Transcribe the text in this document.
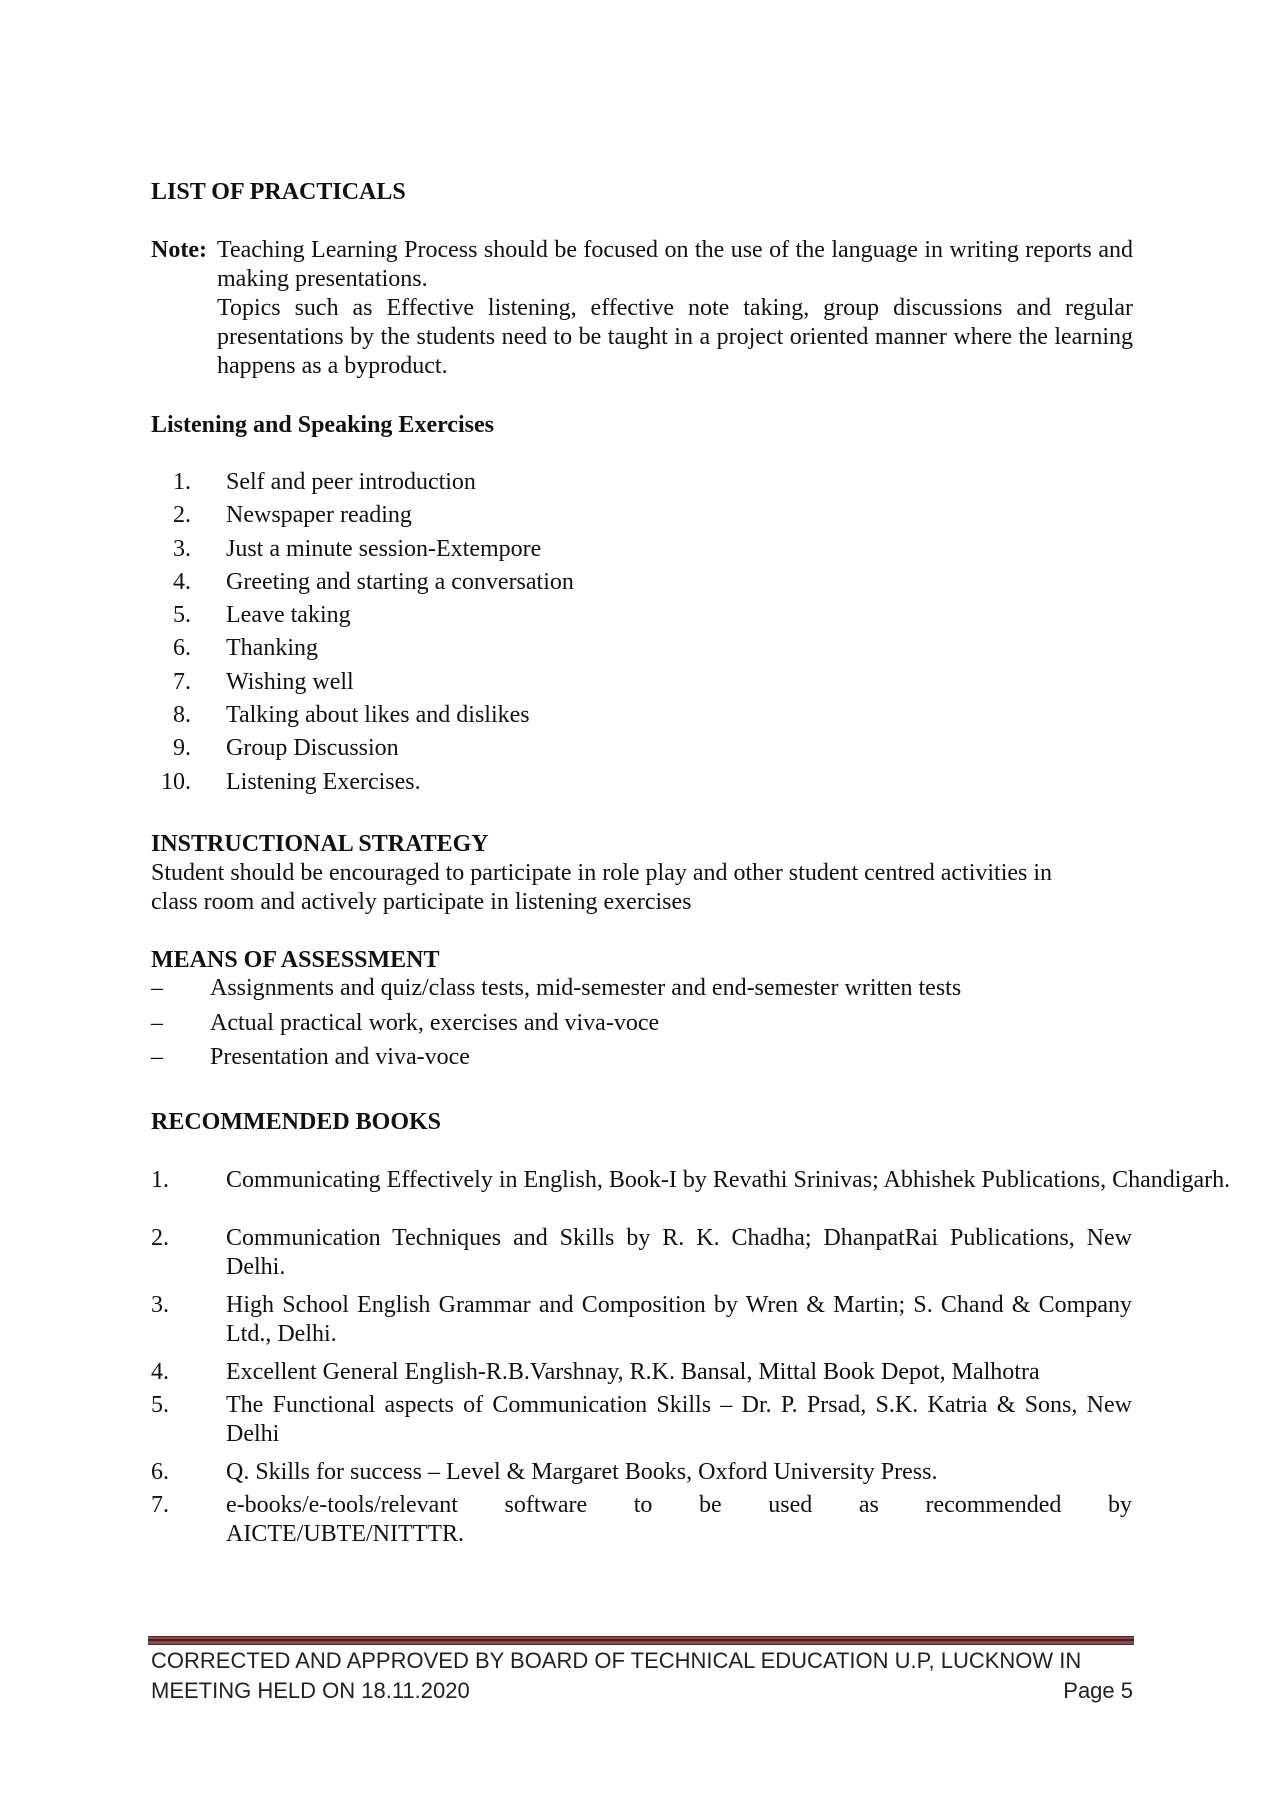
LIST OF PRACTICALS

Note: Teaching Learning Process should be focused on the use of the language in writing reports and making presentations.
Topics such as Effective listening, effective note taking, group discussions and regular presentations by the students need to be taught in a project oriented manner where the learning happens as a byproduct.

Listening and Speaking Exercises

1. Self and peer introduction
2. Newspaper reading
3. Just a minute session-Extempore
4. Greeting and starting a conversation
5. Leave taking
6. Thanking
7. Wishing well
8. Talking about likes and dislikes
9. Group Discussion
10. Listening Exercises.

INSTRUCTIONAL STRATEGY

Student should be encouraged to participate in role play and other student centred activities in
class room and actively participate in listening exercises

MEANS OF ASSESSMENT

– Assignments and quiz/class tests, mid-semester and end-semester written tests
– Actual practical work, exercises and viva-voce
– Presentation and viva-voce

RECOMMENDED BOOKS

1. Communicating Effectively in English, Book-I by Revathi Srinivas; Abhishek Publications, Chandigarh.
2. Communication Techniques and Skills by R. K. Chadha; DhanpatRai Publications, New Delhi.
3. High School English Grammar and Composition by Wren & Martin; S. Chand & Company Ltd., Delhi.
4. Excellent General English-R.B.Varshnay, R.K. Bansal, Mittal Book Depot, Malhotra
5. The Functional aspects of Communication Skills – Dr. P. Prsad, S.K. Katria & Sons, New Delhi
6. Q. Skills for success – Level & Margaret Books, Oxford University Press.
7. e-books/e-tools/relevant software to be used as recommended by
AICTE/UBTE/NITTTR.
CORRECTED AND APPROVED BY BOARD OF TECHNICAL EDUCATION U.P, LUCKNOW IN
MEETING HELD ON 18.11.2020	Page 5
